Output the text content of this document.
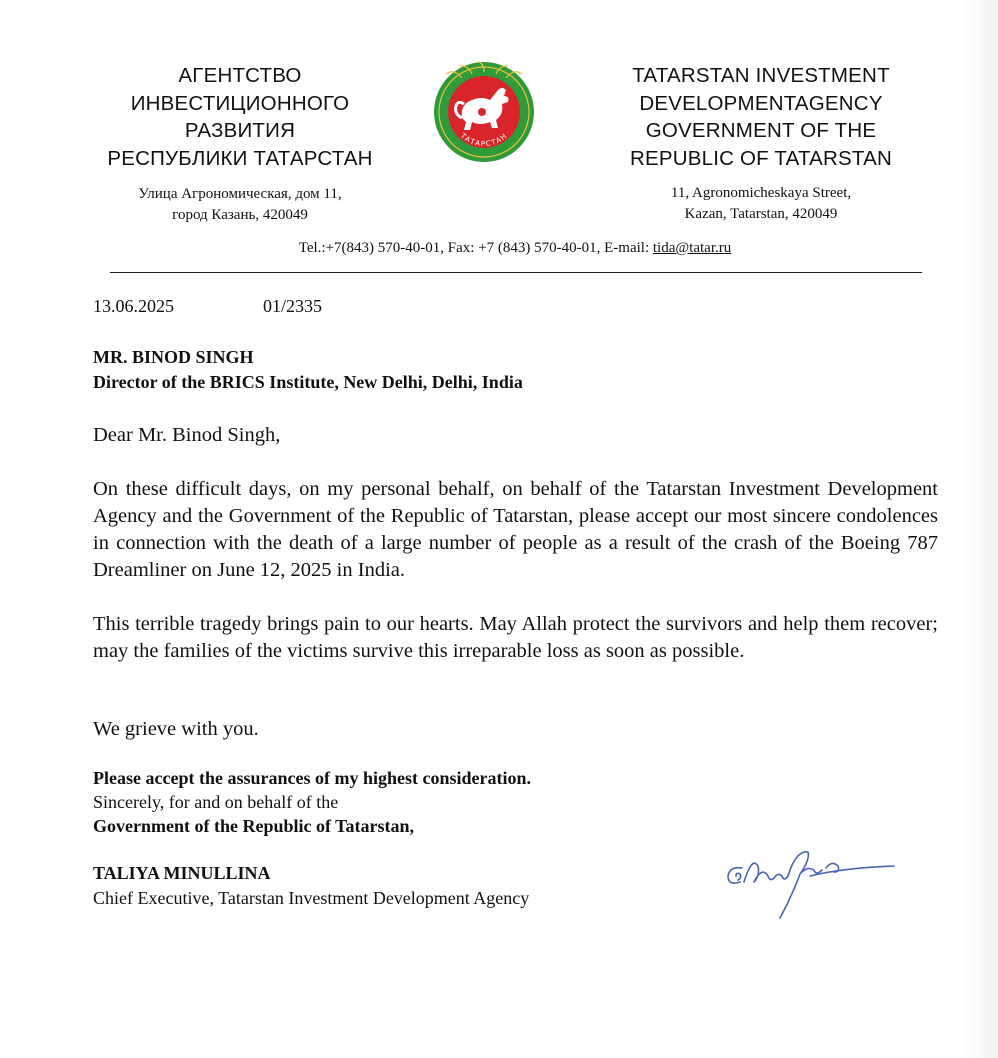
АГЕНТСТВО
ИНВЕСТИЦИОННОГО
РАЗВИТИЯ
РЕСПУБЛИКИ ТАТАРСТАН
Улица Агрономическая, дом 11,
город Казань, 420049
ТАТАРСТАН
TATARSTAN INVESTMENT
DEVELOPMENTAGENCY
GOVERNMENT OF THE
REPUBLIC OF TATARSTAN
11, Agronomicheskaya Street,
Kazan, Tatarstan, 420049
Tel.:+7(843) 570-40-01, Fax: +7 (843) 570-40-01, E-mail: tida@tatar.ru
13.06.2025	01/2335
MR. BINOD SINGH
Director of the BRICS Institute, New Delhi, Delhi, India
Dear Mr. Binod Singh,
On these difficult days, on my personal behalf, on behalf of the Tatarstan Investment Development Agency and the Government of the Republic of Tatarstan, please accept our most sincere condolences in connection with the death of a large number of people as a result of the crash of the Boeing 787 Dreamliner on June 12, 2025 in India.
This terrible tragedy brings pain to our hearts. May Allah protect the survivors and help them recover; may the families of the victims survive this irreparable loss as soon as possible.
We grieve with you.
Please accept the assurances of my highest consideration.
Sincerely, for and on behalf of the
Government of the Republic of Tatarstan,
TALIYA MINULLINA
Chief Executive, Tatarstan Investment Development Agency
